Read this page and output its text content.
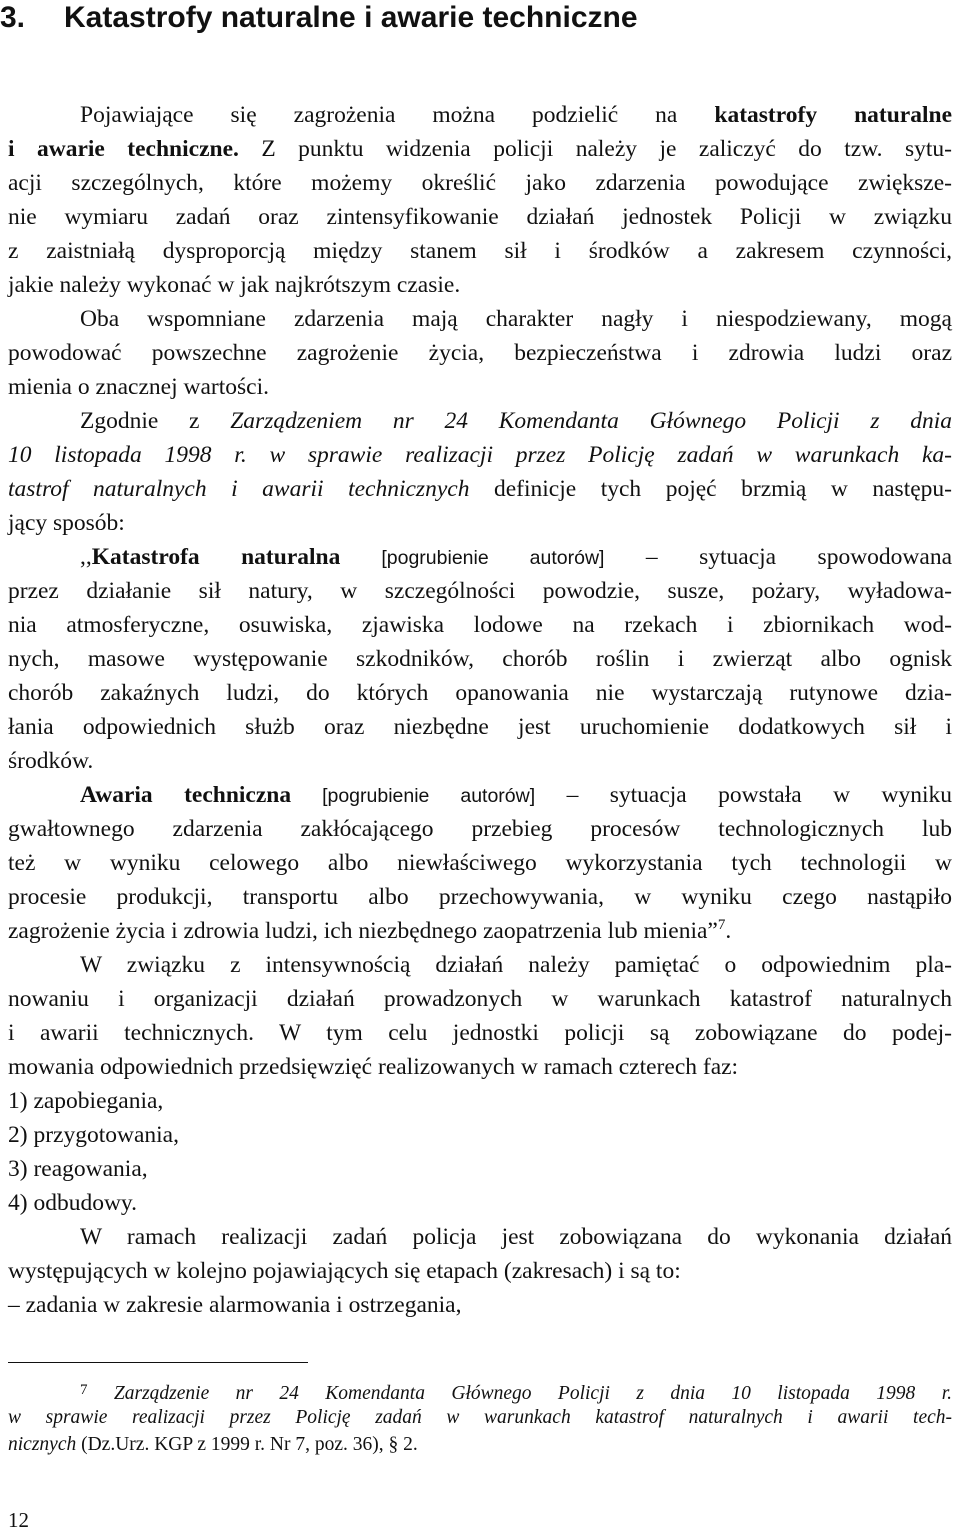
3. Katastrofy naturalne i awarie techniczne
Pojawiające się zagrożenia można podzielić na katastrofy naturalne
i awarie techniczne. Z punktu widzenia policji należy je zaliczyć do tzw. sytu-
acji szczególnych, które możemy określić jako zdarzenia powodujące zwiększe-
nie wymiaru zadań oraz zintensyfikowanie działań jednostek Policji w związku
z zaistniałą dysproporcją między stanem sił i środków a zakresem czynności,
jakie należy wykonać w jak najkrótszym czasie.
Oba wspomniane zdarzenia mają charakter nagły i niespodziewany, mogą
powodować powszechne zagrożenie życia, bezpieczeństwa i zdrowia ludzi oraz
mienia o znacznej wartości.
Zgodnie z Zarządzeniem nr 24 Komendanta Głównego Policji z dnia
10 listopada 1998 r. w sprawie realizacji przez Policję zadań w warunkach ka-
tastrof naturalnych i awarii technicznych definicje tych pojęć brzmią w następu-
jący sposób:
,,Katastrofa naturalna [pogrubienie autorów] – sytuacja spowodowana
przez działanie sił natury, w szczególności powodzie, susze, pożary, wyładowa-
nia atmosferyczne, osuwiska, zjawiska lodowe na rzekach i zbiornikach wod-
nych, masowe występowanie szkodników, chorób roślin i zwierząt albo ognisk
chorób zakaźnych ludzi, do których opanowania nie wystarczają rutynowe dzia-
łania odpowiednich służb oraz niezbędne jest uruchomienie dodatkowych sił i
środków.
Awaria techniczna [pogrubienie autorów] – sytuacja powstała w wyniku
gwałtownego zdarzenia zakłócającego przebieg procesów technologicznych lub
też w wyniku celowego albo niewłaściwego wykorzystania tych technologii w
procesie produkcji, transportu albo przechowywania, w wyniku czego nastąpiło
zagrożenie życia i zdrowia ludzi, ich niezbędnego zaopatrzenia lub mienia”$^7$.
W związku z intensywnością działań należy pamiętać o odpowiednim pla-
nowaniu i organizacji działań prowadzonych w warunkach katastrof naturalnych
i awarii technicznych. W tym celu jednostki policji są zobowiązane do podej-
mowania odpowiednich przedsięwzięć realizowanych w ramach czterech faz:
1) zapobiegania,
2) przygotowania,
3) reagowania,
4) odbudowy.
W ramach realizacji zadań policja jest zobowiązana do wykonania działań
występujących w kolejno pojawiających się etapach (zakresach) i są to:
– zadania w zakresie alarmowania i ostrzegania,
$^7$ Zarządzenie nr 24 Komendanta Głównego Policji z dnia 10 listopada 1998 r.
w sprawie realizacji przez Policję zadań w warunkach katastrof naturalnych i awarii tech-
nicznych (Dz.Urz. KGP z 1999 r. Nr 7, poz. 36), § 2.
12
